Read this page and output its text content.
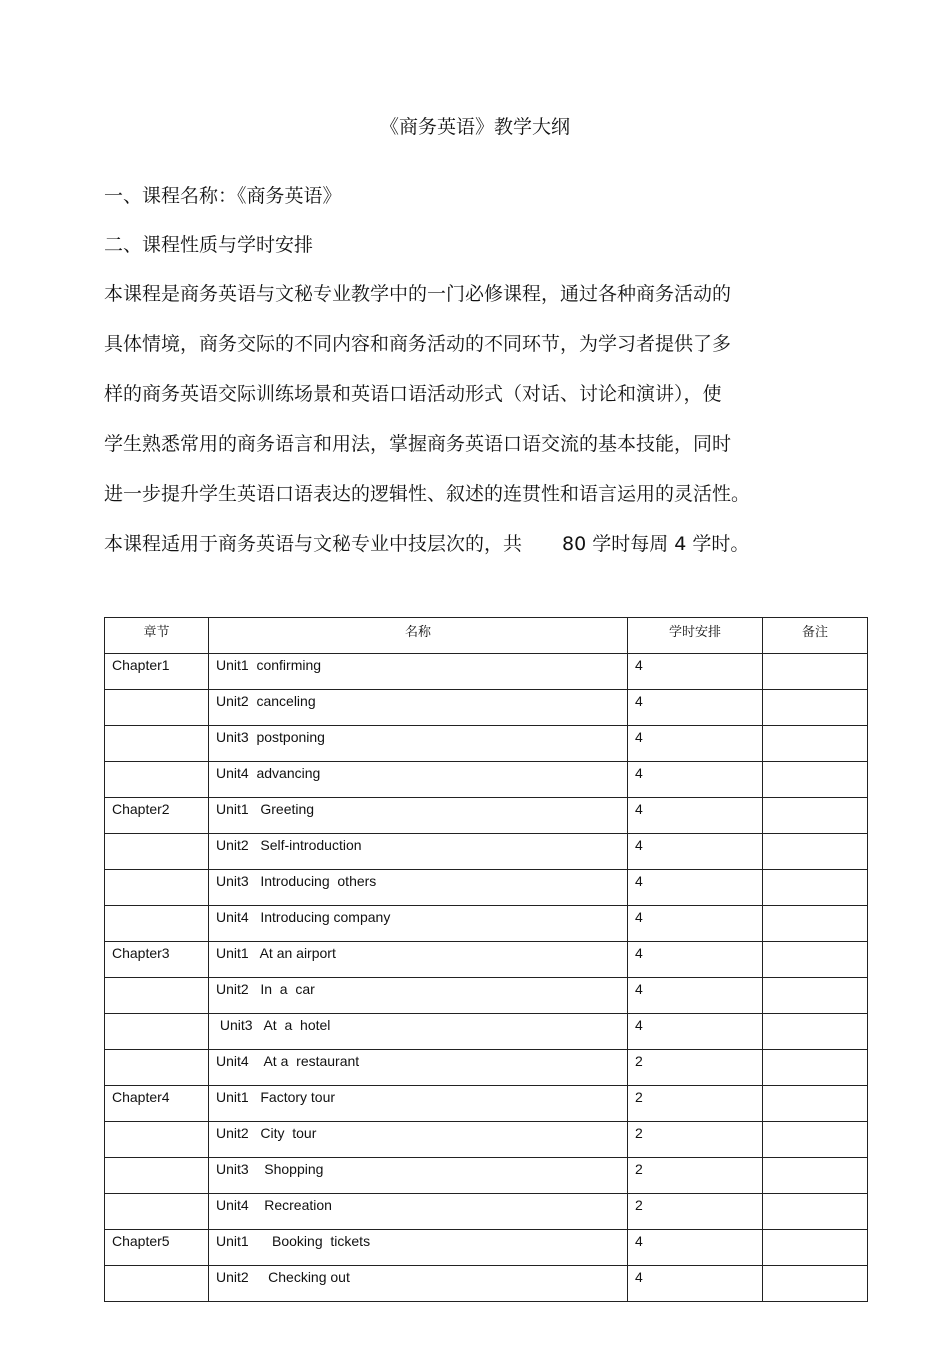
《商务英语》教学大纲
一、课程名称：《商务英语》
二、课程性质与学时安排
本课程是商务英语与文秘专业教学中的一门必修课程，通过各种商务活动的
具体情境，商务交际的不同内容和商务活动的不同环节，为学习者提供了多
样的商务英语交际训练场景和英语口语活动形式（对话、讨论和演讲），使
学生熟悉常用的商务语言和用法，掌握商务英语口语交流的基本技能，同时
进一步提升学生英语口语表达的逻辑性、叙述的连贯性和语言运用的灵活性。
本课程适用于商务英语与文秘专业中技层次的，共 80 学时每周 4 学时。
章节	名称	学时安排	备注
Chapter1	Unit1  confirming	4	
	Unit2  canceling	4	
	Unit3  postponing	4	
	Unit4  advancing	4	
Chapter2	Unit1   Greeting	4	
	Unit2   Self-introduction	4	
	Unit3   Introducing  others	4	
	Unit4   Introducing company	4	
Chapter3	Unit1   At an airport	4	
	Unit2   In  a  car	4	
	Unit3   At  a  hotel	4	
	Unit4    At a  restaurant	2	
Chapter4	Unit1   Factory tour	2	
	Unit2   City  tour	2	
	Unit3    Shopping	2	
	Unit4    Recreation	2	
Chapter5	Unit1      Booking  tickets	4	
	Unit2     Checking out	4	
